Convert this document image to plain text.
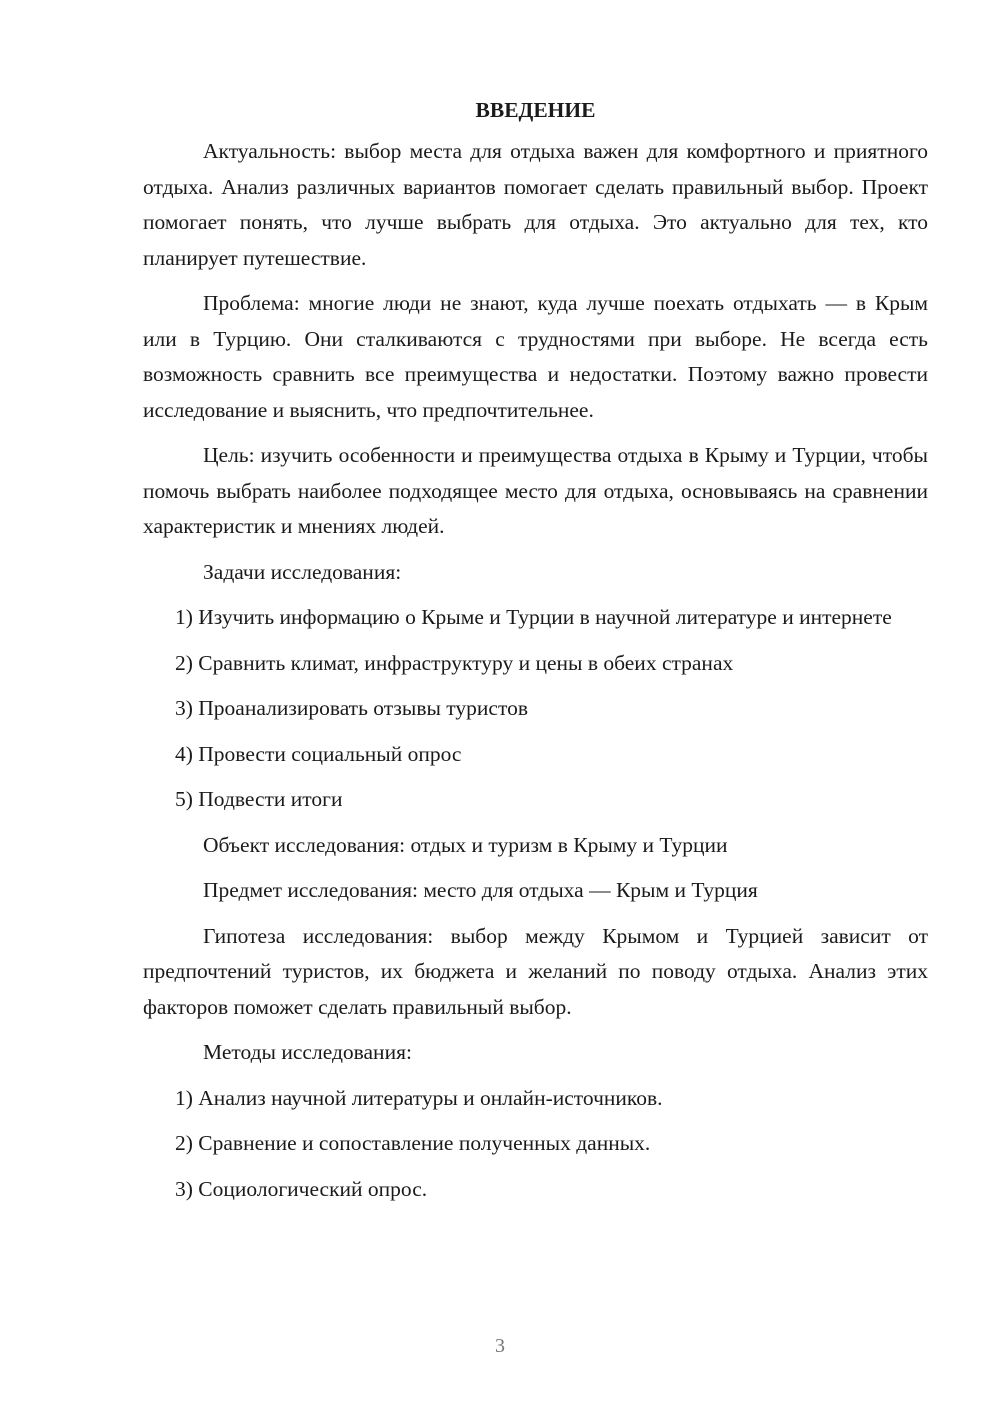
ВВЕДЕНИЕ

Актуальность: выбор места для отдыха важен для комфортного и приятного отдыха. Анализ различных вариантов помогает сделать правильный выбор. Проект помогает понять, что лучше выбрать для отдыха. Это актуально для тех, кто планирует путешествие.

Проблема: многие люди не знают, куда лучше поехать отдыхать — в Крым или в Турцию. Они сталкиваются с трудностями при выборе. Не всегда есть возможность сравнить все преимущества и недостатки. Поэтому важно провести исследование и выяснить, что предпочтительнее.

Цель: изучить особенности и преимущества отдыха в Крыму и Турции, чтобы помочь выбрать наиболее подходящее место для отдыха, основываясь на сравнении характеристик и мнениях людей.

Задачи исследования:

1) Изучить информацию о Крыме и Турции в научной литературе и интернете

2) Сравнить климат, инфраструктуру и цены в обеих странах

3) Проанализировать отзывы туристов

4) Провести социальный опрос

5) Подвести итоги

Объект исследования: отдых и туризм в Крыму и Турции

Предмет исследования: место для отдыха — Крым и Турция

Гипотеза исследования: выбор между Крымом и Турцией зависит от предпочтений туристов, их бюджета и желаний по поводу отдыха. Анализ этих факторов поможет сделать правильный выбор.

Методы исследования:

1) Анализ научной литературы и онлайн-источников.

2) Сравнение и сопоставление полученных данных.

3) Социологический опрос.

3
